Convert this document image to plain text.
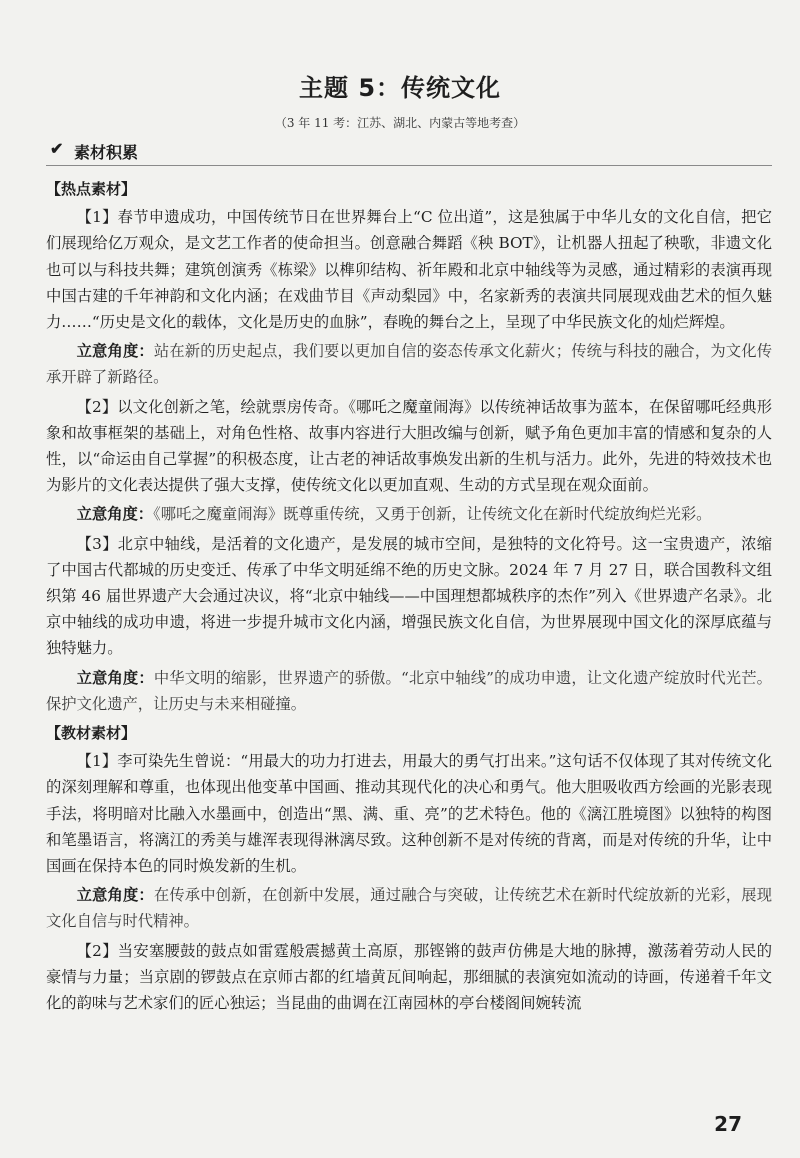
主题 5：传统文化
（3 年 11 考：江苏、湖北、内蒙古等地考查）
✔ 素材积累

【热点素材】

【1】春节申遗成功，中国传统节日在世界舞台上“C 位出道”，这是独属于中华儿女的文化自信，把它们展现给亿万观众，是文艺工作者的使命担当。创意融合舞蹈《秧 BOT》，让机器人扭起了秧歌，非遗文化也可以与科技共舞；建筑创演秀《栋梁》以榫卯结构、祈年殿和北京中轴线等为灵感，通过精彩的表演再现中国古建的千年神韵和文化内涵；在戏曲节目《声动梨园》中，名家新秀的表演共同展现戏曲艺术的恒久魅力……“历史是文化的载体，文化是历史的血脉”，春晚的舞台之上，呈现了中华民族文化的灿烂辉煌。

立意角度：站在新的历史起点，我们要以更加自信的姿态传承文化薪火；传统与科技的融合，为文化传承开辟了新路径。

【2】以文化创新之笔，绘就票房传奇。《哪吒之魔童闹海》以传统神话故事为蓝本，在保留哪吒经典形象和故事框架的基础上，对角色性格、故事内容进行大胆改编与创新，赋予角色更加丰富的情感和复杂的人性，以“命运由自己掌握”的积极态度，让古老的神话故事焕发出新的生机与活力。此外，先进的特效技术也为影片的文化表达提供了强大支撑，使传统文化以更加直观、生动的方式呈现在观众面前。

立意角度：《哪吒之魔童闹海》既尊重传统，又勇于创新，让传统文化在新时代绽放绚烂光彩。

【3】北京中轴线，是活着的文化遗产，是发展的城市空间，是独特的文化符号。这一宝贵遗产，浓缩了中国古代都城的历史变迁、传承了中华文明延绵不绝的历史文脉。2024 年 7 月 27 日，联合国教科文组织第 46 届世界遗产大会通过决议，将“北京中轴线——中国理想都城秩序的杰作”列入《世界遗产名录》。北京中轴线的成功申遗，将进一步提升城市文化内涵，增强民族文化自信，为世界展现中国文化的深厚底蕴与独特魅力。

立意角度：中华文明的缩影，世界遗产的骄傲。“北京中轴线”的成功申遗，让文化遗产绽放时代光芒。保护文化遗产，让历史与未来相碰撞。

【教材素材】

【1】李可染先生曾说：“用最大的功力打进去，用最大的勇气打出来。”这句话不仅体现了其对传统文化的深刻理解和尊重，也体现出他变革中国画、推动其现代化的决心和勇气。他大胆吸收西方绘画的光影表现手法，将明暗对比融入水墨画中，创造出“黑、满、重、亮”的艺术特色。他的《漓江胜境图》以独特的构图和笔墨语言，将漓江的秀美与雄浑表现得淋漓尽致。这种创新不是对传统的背离，而是对传统的升华，让中国画在保持本色的同时焕发新的生机。

立意角度：在传承中创新，在创新中发展，通过融合与突破，让传统艺术在新时代绽放新的光彩，展现文化自信与时代精神。

【2】当安塞腰鼓的鼓点如雷霆般震撼黄土高原，那铿锵的鼓声仿佛是大地的脉搏，激荡着劳动人民的豪情与力量；当京剧的锣鼓点在京师古都的红墙黄瓦间响起，那细腻的表演宛如流动的诗画，传递着千年文化的韵味与艺术家们的匠心独运；当昆曲的曲调在江南园林的亭台楼阁间婉转流

27
